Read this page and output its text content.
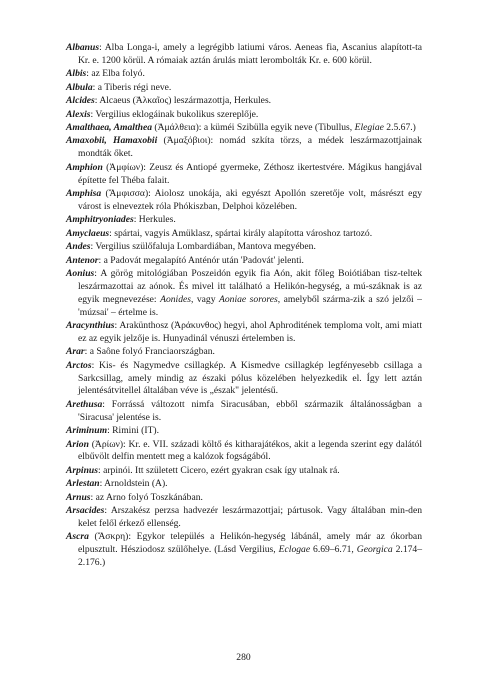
Albanus: Alba Longa-i, amely a legrégibb latiumi város. Aeneas fia, Ascanius alapított-ta Kr. e. 1200 körül. A rómaiak aztán árulás miatt lerombolták Kr. e. 600 körül.

Albis: az Elba folyó.

Albula: a Tiberis régi neve.

Alcides: Alcaeus (Ἀλκαῖος) leszármazottja, Herkules.

Alexis: Vergilius eklogáinak bukolikus szereplője.

Amalthaea, Amalthea (Ἀμάλθεια): a küméi Szibülla egyik neve (Tibullus, Elegiae 2.5.67.)

Amaxobii, Hamaxobii (Ἀμαξόβιοι): nomád szkíta törzs, a médek leszármazottjainak mondták őket.

Amphion (Ἀμφίων): Zeusz és Antiopé gyermeke, Zéthosz ikertestvére. Mágikus hangjával építette fel Théba falait.

Amphisa (Ἄμφισσα): Aiolosz unokája, aki egyészt Apollón szeretője volt, másrészt egy várost is elneveztek róla Phókiszban, Delphoi közelében.

Amphitryoniades: Herkules.

Amyclaeus: spártai, vagyis Amüklasz, spártai király alapította városhoz tartozó.

Andes: Vergilius szülőfaluja Lombardiában, Mantova megyében.

Antenor: a Padovát megalapító Anténór után 'Padovát' jelenti.

Aonius: A görög mitológiában Poszeidón egyik fia Aón, akit főleg Boiótiában tisz-teltek leszármazottai az aónok. És mivel itt található a Helikón-hegység, a mú-száknak is az egyik megnevezése: Aonides, vagy Aoniae sorores, amelyből szárma-zik a szó jelzői – 'múzsai' – értelme is.

Aracynthius: Arakünthosz (Ἀράκυνθος) hegyi, ahol Aphroditének temploma volt, ami miatt ez az egyik jelzője is. Hunyadinál vénuszi értelemben is.

Arar: a Saône folyó Franciaországban.

Arctos: Kis- és Nagymedve csillagkép. A Kismedve csillagkép legfényesebb csillaga a Sarkcsillag, amely mindig az északi pólus közelében helyezkedik el. Így lett aztán jelentésátvitellel általában véve is „észak" jelentésű.

Arethusa: Forrássá változott nimfa Siracusában, ebből származik általánosságban a 'Siracusa' jelentése is.

Ariminum: Rimini (IT).

Arion (Ἀρίων): Kr. e. VII. századi költő és kitharajátékos, akit a legenda szerint egy dalától elbűvölt delfin mentett meg a kalózok fogságából.

Arpinus: arpinói. Itt született Cicero, ezért gyakran csak így utalnak rá.

Arlestan: Arnoldstein (A).

Arnus: az Arno folyó Toszkánában.

Arsacides: Arszakész perzsa hadvezér leszármazottjai; pártusok. Vagy általában min-den kelet felől érkező ellenség.

Ascra (Ἄσκρη): Egykor település a Helikón-hegység lábánál, amely már az ókorban elpusztult. Hésziodosz szülőhelye. (Lásd Vergilius, Eclogae 6.69–6.71, Georgica 2.174–2.176.)

280
